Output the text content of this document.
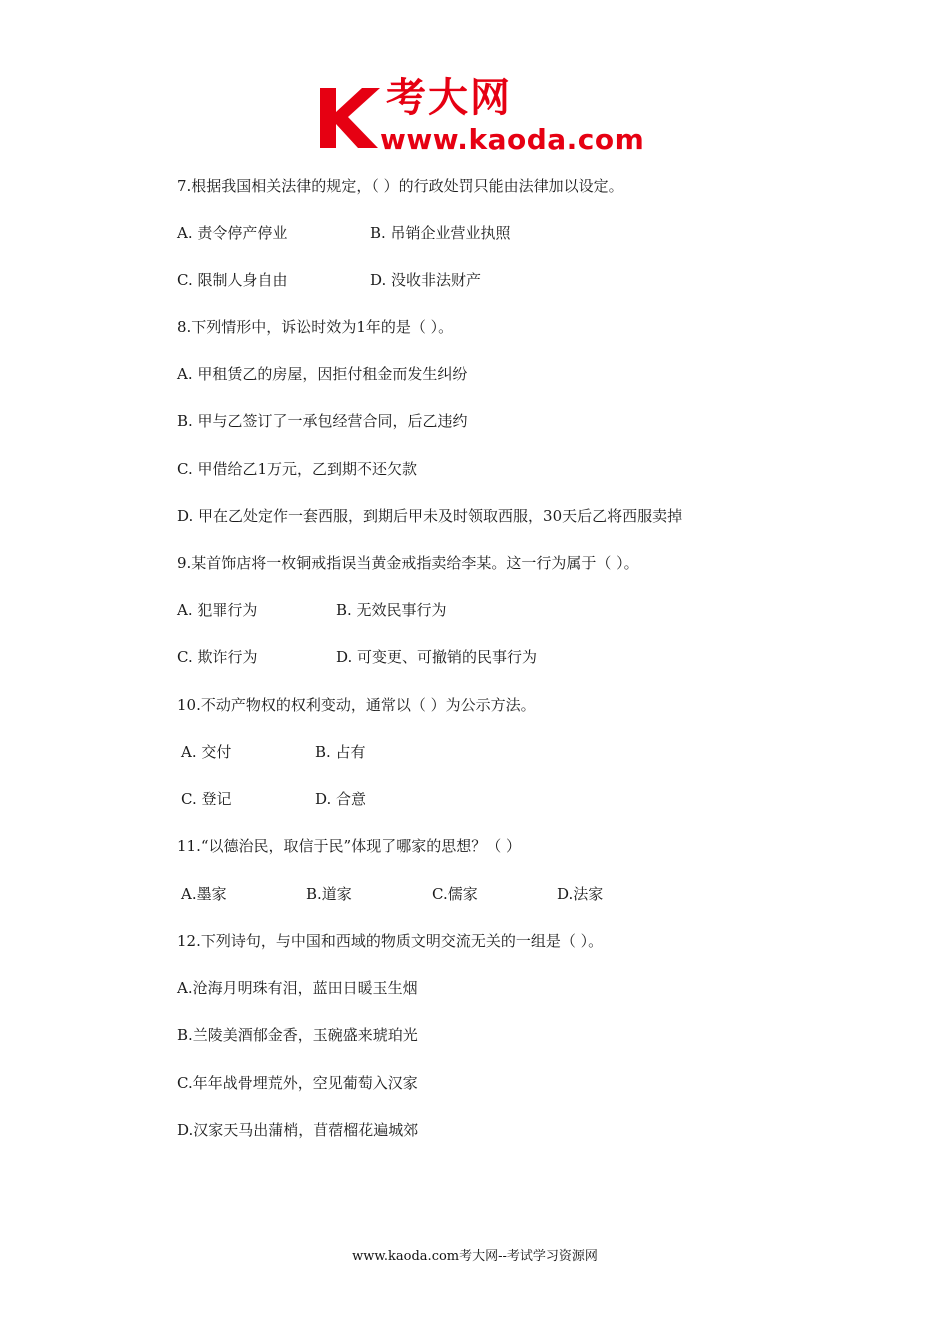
考大网
www.kaoda.com
7.根据我国相关法律的规定，（ ）的行政处罚只能由法律加以设定。
A. 责令停产停业	B. 吊销企业营业执照
C. 限制人身自由	D. 没收非法财产
8.下列情形中，诉讼时效为1年的是（ ）。
A. 甲租赁乙的房屋，因拒付租金而发生纠纷
B. 甲与乙签订了一承包经营合同，后乙违约
C. 甲借给乙1万元，乙到期不还欠款
D. 甲在乙处定作一套西服，到期后甲未及时领取西服，30天后乙将西服卖掉
9.某首饰店将一枚铜戒指误当黄金戒指卖给李某。这一行为属于（ ）。
A. 犯罪行为	B. 无效民事行为
C. 欺诈行为	D. 可变更、可撤销的民事行为
10.不动产物权的权利变动，通常以（ ）为公示方法。
A. 交付	B. 占有
C. 登记	D. 合意
11.“以德治民，取信于民”体现了哪家的思想？（ ）
A.墨家	B.道家	C.儒家	D.法家
12.下列诗句，与中国和西域的物质文明交流无关的一组是（ ）。
A.沧海月明珠有泪，蓝田日暖玉生烟
B.兰陵美酒郁金香，玉碗盛来琥珀光
C.年年战骨埋荒外，空见葡萄入汉家
D.汉家天马出蒲梢，苜蓿榴花遍城郊
www.kaoda.com考大网--考试学习资源网
